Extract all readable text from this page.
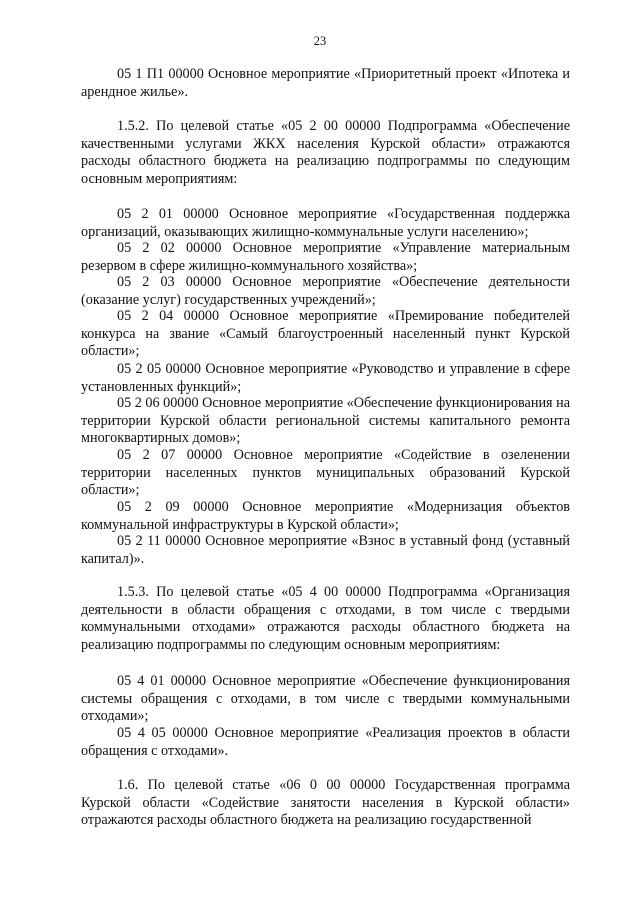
23

05 1 П1 00000 Основное мероприятие «Приоритетный проект «Ипотека и арендное жилье».

1.5.2. По целевой статье «05 2 00 00000 Подпрограмма «Обеспечение качественными услугами ЖКХ населения Курской области» отражаются расходы областного бюджета на реализацию подпрограммы по следующим основным мероприятиям:

05 2 01 00000 Основное мероприятие «Государственная поддержка организаций, оказывающих жилищно-коммунальные услуги населению»;

05 2 02 00000 Основное мероприятие «Управление материальным резервом в сфере жилищно-коммунального хозяйства»;

05 2 03 00000 Основное мероприятие «Обеспечение деятельности (оказание услуг) государственных учреждений»;

05 2 04 00000 Основное мероприятие «Премирование победителей конкурса на звание «Самый благоустроенный населенный пункт Курской области»;

05 2 05 00000 Основное мероприятие «Руководство и управление в сфере установленных функций»;

05 2 06 00000 Основное мероприятие «Обеспечение функционирования на территории Курской области региональной системы капитального ремонта многоквартирных домов»;

05 2 07 00000 Основное мероприятие «Содействие в озеленении территории населенных пунктов муниципальных образований Курской области»;

05 2 09 00000 Основное мероприятие «Модернизация объектов коммунальной инфраструктуры в Курской области»;

05 2 11 00000 Основное мероприятие «Взнос в уставный фонд (уставный капитал)».

1.5.3. По целевой статье «05 4 00 00000 Подпрограмма «Организация деятельности в области обращения с отходами, в том числе с твердыми коммунальными отходами» отражаются расходы областного бюджета на реализацию подпрограммы по следующим основным мероприятиям:

05 4 01 00000 Основное мероприятие «Обеспечение функционирования системы обращения с отходами, в том числе с твердыми коммунальными отходами»;

05 4 05 00000 Основное мероприятие «Реализация проектов в области обращения с отходами».

1.6. По целевой статье «06 0 00 00000 Государственная программа Курской области «Содействие занятости населения в Курской области» отражаются расходы областного бюджета на реализацию государственной
